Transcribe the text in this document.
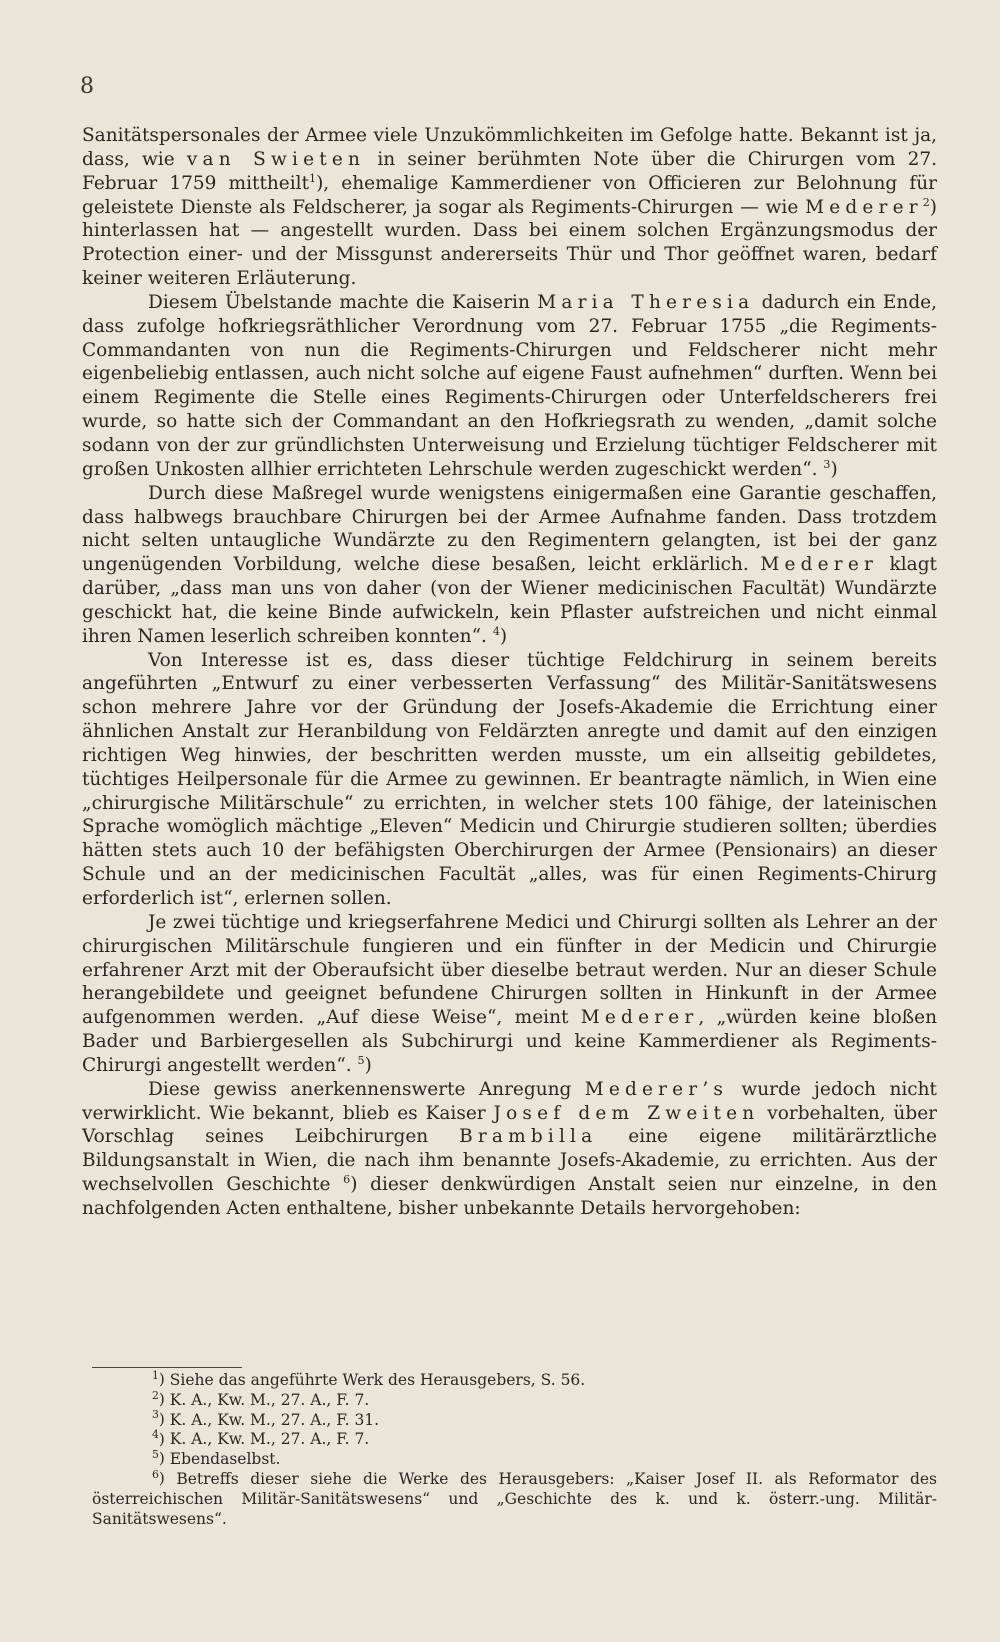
8

Sanitätspersonales der Armee viele Unzukömmlichkeiten im Gefolge hatte. Bekannt ist ja, dass, wie van Swieten in seiner berühmten Note über die Chirurgen vom 27. Februar 1759 mittheilt$^1$), ehemalige Kammerdiener von Officieren zur Belohnung für geleistete Dienste als Feldscherer, ja sogar als Regiments-Chirurgen — wie Mederer$^2$) hinterlassen hat — angestellt wurden. Dass bei einem solchen Ergänzungsmodus der Protection einer- und der Missgunst andererseits Thür und Thor geöffnet waren, bedarf keiner weiteren Erläuterung.

Diesem Übelstande machte die Kaiserin Maria Theresia dadurch ein Ende, dass zufolge hofkriegsräthlicher Verordnung vom 27. Februar 1755 „die Regiments-Commandanten von nun die Regiments-Chirurgen und Feldscherer nicht mehr eigenbeliebig entlassen, auch nicht solche auf eigene Faust aufnehmen“ durften. Wenn bei einem Regimente die Stelle eines Regiments-Chirurgen oder Unterfeldscherers frei wurde, so hatte sich der Commandant an den Hofkriegsrath zu wenden, „damit solche sodann von der zur gründlichsten Unterweisung und Erzielung tüchtiger Feldscherer mit großen Unkosten allhier errichteten Lehrschule werden zugeschickt werden“. $^3$)

Durch diese Maßregel wurde wenigstens einigermaßen eine Garantie geschaffen, dass halbwegs brauchbare Chirurgen bei der Armee Aufnahme fanden. Dass trotzdem nicht selten untaugliche Wundärzte zu den Regimentern gelangten, ist bei der ganz ungenügenden Vorbildung, welche diese besaßen, leicht erklärlich. Mederer klagt darüber, „dass man uns von daher (von der Wiener medicinischen Facultät) Wundärzte geschickt hat, die keine Binde aufwickeln, kein Pflaster aufstreichen und nicht einmal ihren Namen leserlich schreiben konnten“. $^4$)

Von Interesse ist es, dass dieser tüchtige Feldchirurg in seinem bereits angeführten „Entwurf zu einer verbesserten Verfassung“ des Militär-Sanitätswesens schon mehrere Jahre vor der Gründung der Josefs-Akademie die Errichtung einer ähnlichen Anstalt zur Heranbildung von Feldärzten anregte und damit auf den einzigen richtigen Weg hinwies, der beschritten werden musste, um ein allseitig gebildetes, tüchtiges Heilpersonale für die Armee zu gewinnen. Er beantragte nämlich, in Wien eine „chirurgische Militärschule“ zu errichten, in welcher stets 100 fähige, der lateinischen Sprache womöglich mächtige „Eleven“ Medicin und Chirurgie studieren sollten; überdies hätten stets auch 10 der befähigsten Oberchirurgen der Armee (Pensionairs) an dieser Schule und an der medicinischen Facultät „alles, was für einen Regiments-Chirurg erforderlich ist“, erlernen sollen.

Je zwei tüchtige und kriegserfahrene Medici und Chirurgi sollten als Lehrer an der chirurgischen Militärschule fungieren und ein fünfter in der Medicin und Chirurgie erfahrener Arzt mit der Oberaufsicht über dieselbe betraut werden. Nur an dieser Schule herangebildete und geeignet befundene Chirurgen sollten in Hinkunft in der Armee aufgenommen werden. „Auf diese Weise“, meint Mederer, „würden keine bloßen Bader und Barbiergesellen als Subchirurgi und keine Kammerdiener als Regiments-Chirurgi angestellt werden“. $^5$)

Diese gewiss anerkennenswerte Anregung Mederer’s wurde jedoch nicht verwirklicht. Wie bekannt, blieb es Kaiser Josef dem Zweiten vorbehalten, über Vorschlag seines Leibchirurgen Brambilla eine eigene militärärztliche Bildungsanstalt in Wien, die nach ihm benannte Josefs-Akademie, zu errichten. Aus der wechselvollen Geschichte $^6$) dieser denkwürdigen Anstalt seien nur einzelne, in den nachfolgenden Acten enthaltene, bisher unbekannte Details hervorgehoben:

$^1$ ) Siehe das angeführte Werk des Herausgebers, S. 56.

$^2$ ) K. A., Kw. M., 27. A., F. 7.

$^3$ ) K. A., Kw. M., 27. A., F. 31.

$^4$ ) K. A., Kw. M., 27. A., F. 7.

$^5$ ) Ebendaselbst.

$^6$ ) Betreffs dieser siehe die Werke des Herausgebers: „Kaiser Josef II. als Reformator des österreichischen Militär-Sanitätswesens“ und „Geschichte des k. und k. österr.-ung. Militär-Sanitätswesens“.
